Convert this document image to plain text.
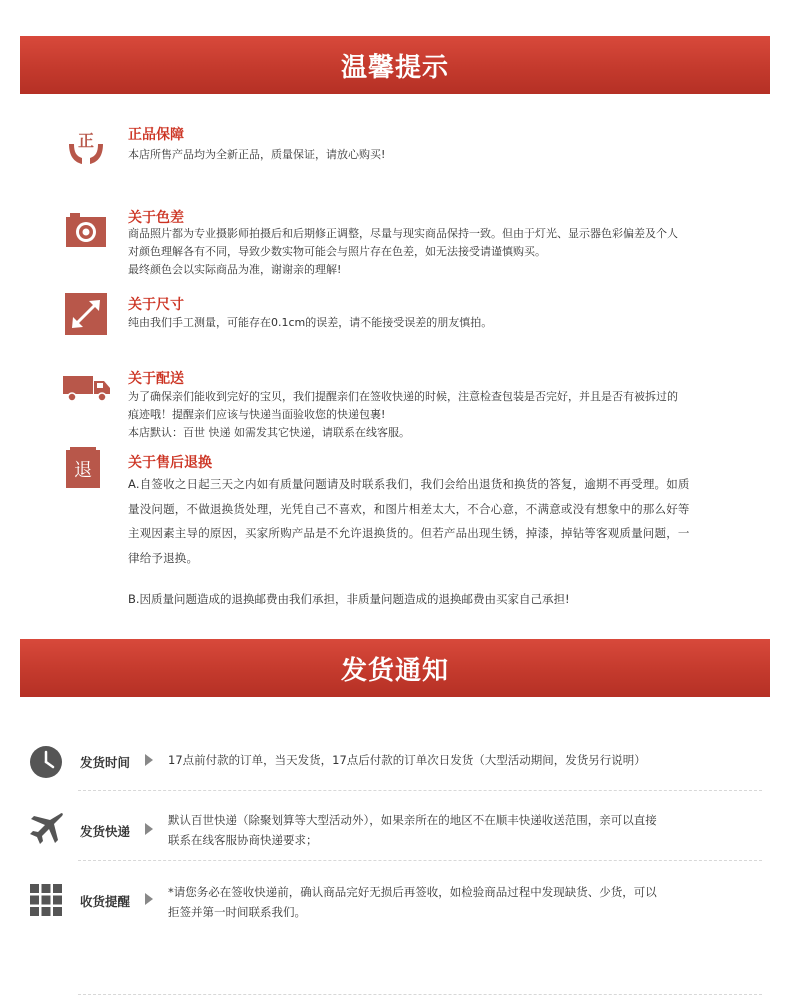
温馨提示
正 正品保障
本店所售产品均为全新正品，质量保证，请放心购买!
关于色差
商品照片都为专业摄影师拍摄后和后期修正调整，尽量与现实商品保持一致。但由于灯光、显示器色彩偏差及个人
对颜色理解各有不同，导致少数实物可能会与照片存在色差，如无法接受请谨慎购买。
最终颜色会以实际商品为准，谢谢亲的理解!
关于尺寸
纯由我们手工测量，可能存在0.1cm的误差，请不能接受误差的朋友慎拍。
关于配送
为了确保亲们能收到完好的宝贝，我们提醒亲们在签收快递的时候，注意检查包装是否完好，并且是否有被拆过的
痕迹哦！提醒亲们应该与快递当面验收您的快递包裹!
本店默认：百世 快递 如需发其它快递，请联系在线客服。
退	关于售后退换
A.自签收之日起三天之内如有质量问题请及时联系我们，我们会给出退货和换货的答复，逾期不再受理。如质
量没问题，不做退换货处理，光凭自己不喜欢，和图片相差太大，不合心意，不满意或没有想象中的那么好等
主观因素主导的原因，买家所购产品是不允许退换货的。但若产品出现生锈，掉漆，掉钻等客观质量问题，一
律给予退换。
B.因质量问题造成的退换邮费由我们承担，非质量问题造成的退换邮费由买家自己承担!
发货通知
发货时间	17点前付款的订单，当天发货，17点后付款的订单次日发货（大型活动期间，发货另行说明）
发货快递
默认百世快递（除聚划算等大型活动外），如果亲所在的地区不在顺丰快递收送范围，亲可以直接
联系在线客服协商快递要求；
收货提醒
*请您务必在签收快递前，确认商品完好无损后再签收，如检验商品过程中发现缺货、少货，可以
拒签并第一时间联系我们。
